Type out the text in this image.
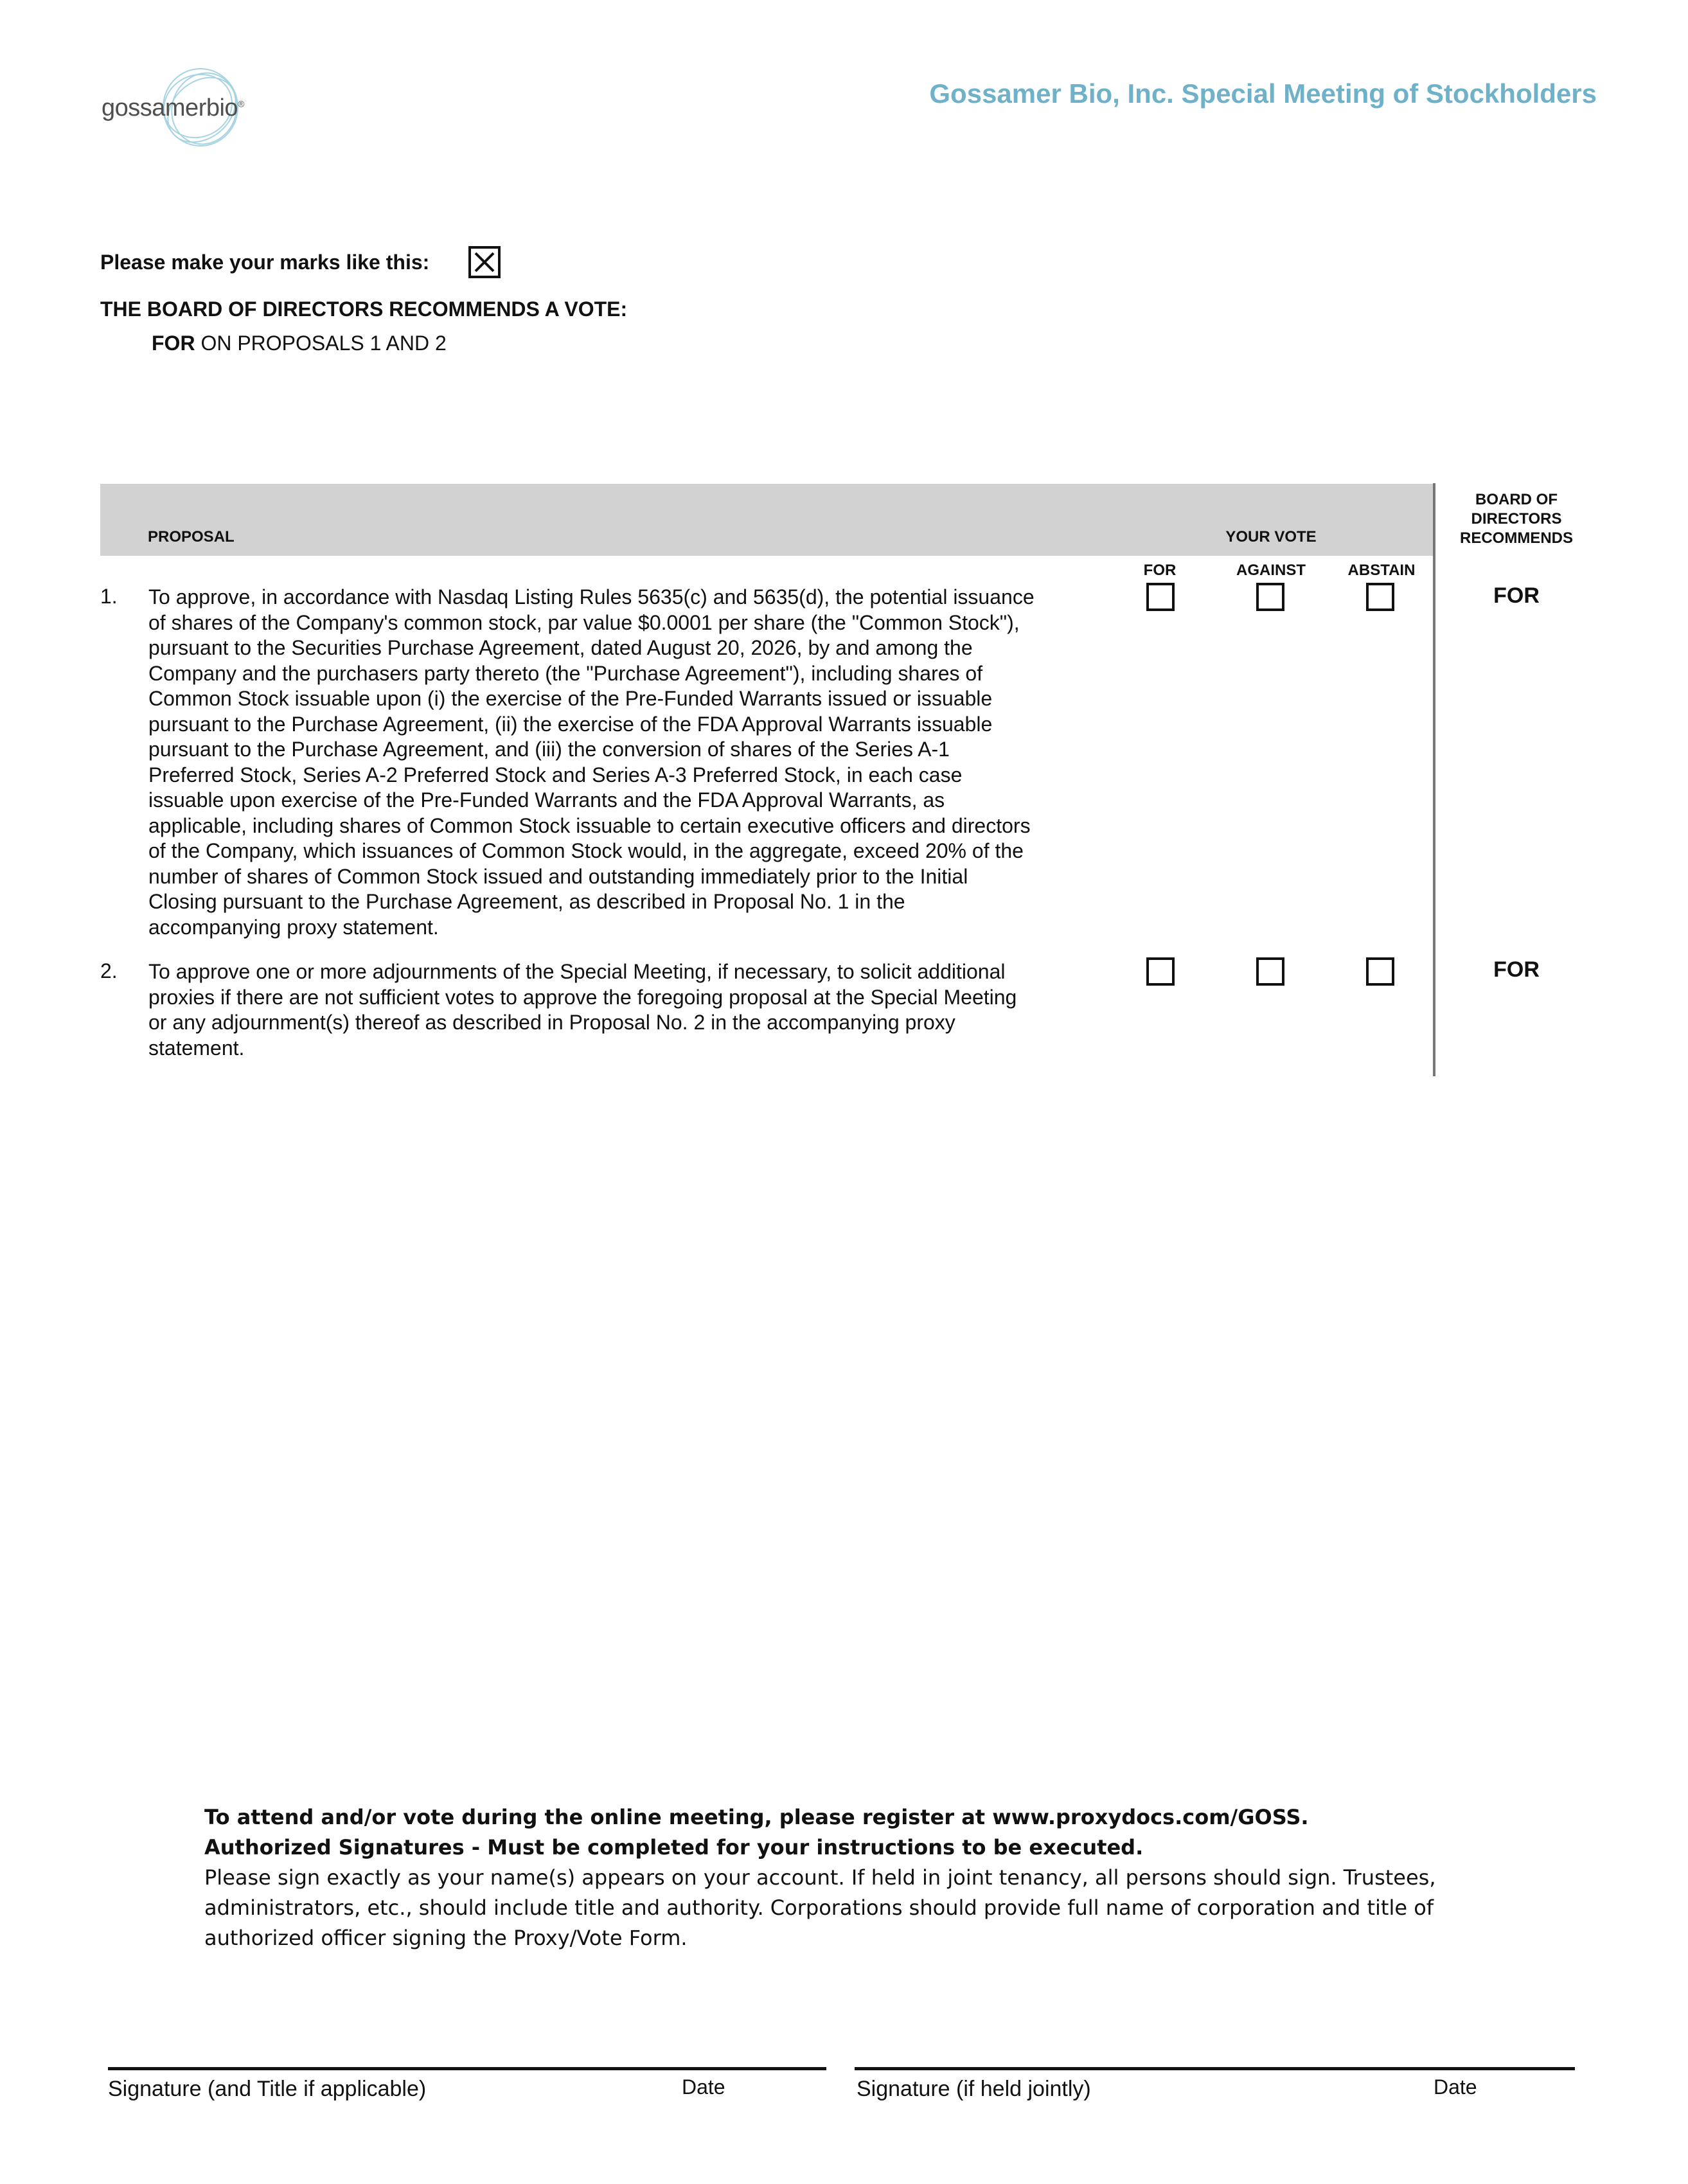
gossamerbio®	Gossamer Bio, Inc. Special Meeting of Stockholders
Please make your marks like this:
THE BOARD OF DIRECTORS RECOMMENDS A VOTE:
FOR ON PROPOSALS 1 AND 2
PROPOSAL	YOUR VOTE
BOARD OF
DIRECTORS
RECOMMENDS
FOR	AGAINST	ABSTAIN
1. To approve, in accordance with Nasdaq Listing Rules 5635(c) and 5635(d), the potential issuance
of shares of the Company's common stock, par value $0.0001 per share (the "Common Stock"),
pursuant to the Securities Purchase Agreement, dated August 20, 2026, by and among the
Company and the purchasers party thereto (the "Purchase Agreement"), including shares of
Common Stock issuable upon (i) the exercise of the Pre-Funded Warrants issued or issuable
pursuant to the Purchase Agreement, (ii) the exercise of the FDA Approval Warrants issuable
pursuant to the Purchase Agreement, and (iii) the conversion of shares of the Series A-1
Preferred Stock, Series A-2 Preferred Stock and Series A-3 Preferred Stock, in each case
issuable upon exercise of the Pre-Funded Warrants and the FDA Approval Warrants, as
applicable, including shares of Common Stock issuable to certain executive officers and directors
of the Company, which issuances of Common Stock would, in the aggregate, exceed 20% of the
number of shares of Common Stock issued and outstanding immediately prior to the Initial
Closing pursuant to the Purchase Agreement, as described in Proposal No. 1 in the
accompanying proxy statement.
FOR
2. To approve one or more adjournments of the Special Meeting, if necessary, to solicit additional
proxies if there are not sufficient votes to approve the foregoing proposal at the Special Meeting
or any adjournment(s) thereof as described in Proposal No. 2 in the accompanying proxy
statement.
FOR
To attend and/or vote during the online meeting, please register at www.proxydocs.com/GOSS.
Authorized Signatures - Must be completed for your instructions to be executed.
Please sign exactly as your name(s) appears on your account. If held in joint tenancy, all persons should sign. Trustees,
administrators, etc., should include title and authority. Corporations should provide full name of corporation and title of
authorized officer signing the Proxy/Vote Form.
Signature (and Title if applicable)	Date	Signature (if held jointly)	Date
